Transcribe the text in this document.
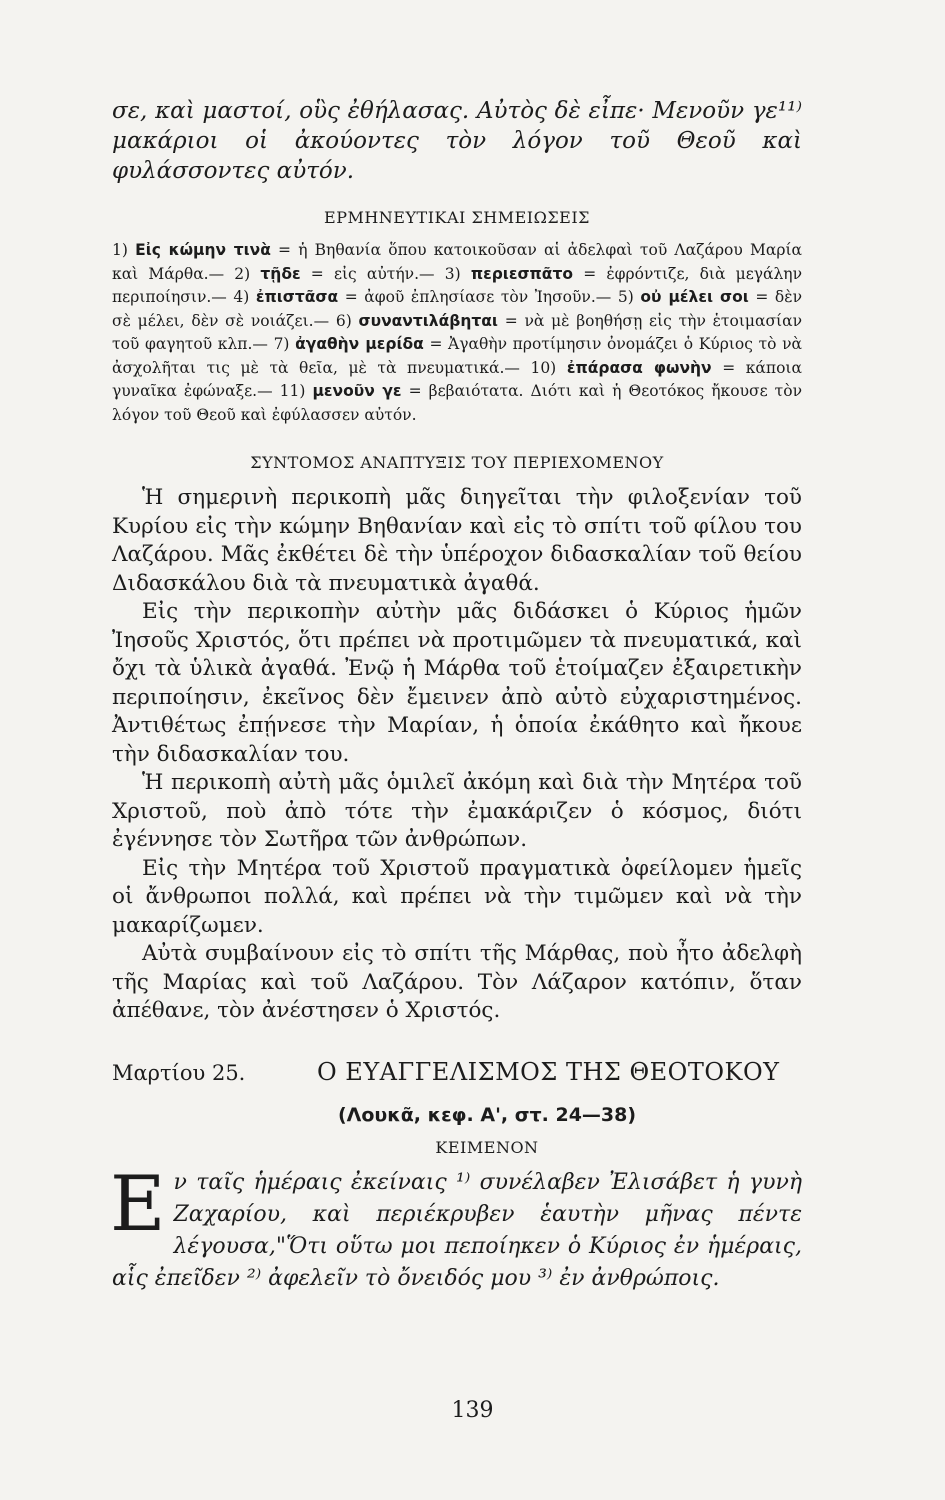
σε, καὶ μαστοί, οὓς ἐθήλασας. Αὐτὸς δὲ εἶπε· Μενοῦν γε¹¹⁾ μακάριοι οἱ ἀκούοντες τὸν λόγον τοῦ Θεοῦ καὶ φυλάσσοντες αὐτόν.

ΕΡΜΗΝΕΥΤΙΚΑΙ ΣΗΜΕΙΩΣΕΙΣ

1) Εἰς κώμην τινὰ = ἡ Βηθανία ὅπου κατοικοῦσαν αἱ ἀδελφαὶ τοῦ Λαζάρου Μαρία καὶ Μάρθα.— 2) τῇδε = εἰς αὐτήν.— 3) περιεσπᾶτο = ἐφρόντιζε, διὰ μεγάλην περιποίησιν.— 4) ἐπιστᾶσα = ἀφοῦ ἐπλησίασε τὸν Ἰησοῦν.— 5) οὐ μέλει σοι = δὲν σὲ μέλει, δὲν σὲ νοιάζει.— 6) συναντιλάβηται = νὰ μὲ βοηθήσῃ εἰς τὴν ἑτοιμασίαν τοῦ φαγητοῦ κλπ.— 7) ἀγαθὴν μερίδα = Ἀγαθὴν προτίμησιν ὀνομάζει ὁ Κύριος τὸ νὰ ἀσχολῆται τις μὲ τὰ θεῖα, μὲ τὰ πνευματικά.— 10) ἐπάρασα φωνὴν = κάποια γυναῖκα ἐφώναξε.— 11) μενοῦν γε = βεβαιότατα. Διότι καὶ ἡ Θεοτόκος ἤκουσε τὸν λόγον τοῦ Θεοῦ καὶ ἐφύλασσεν αὐτόν.

ΣΥΝΤΟΜΟΣ ΑΝΑΠΤΥΞΙΣ ΤΟΥ ΠΕΡΙΕΧΟΜΕΝΟΥ

Ἡ σημερινὴ περικοπὴ μᾶς διηγεῖται τὴν φιλοξενίαν τοῦ Κυρίου εἰς τὴν κώμην Βηθανίαν καὶ εἰς τὸ σπίτι τοῦ φίλου του Λαζάρου. Μᾶς ἐκθέτει δὲ τὴν ὑπέροχον διδασκαλίαν τοῦ θείου Διδασκάλου διὰ τὰ πνευματικὰ ἀγαθά.

Εἰς τὴν περικοπὴν αὐτὴν μᾶς διδάσκει ὁ Κύριος ἡμῶν Ἰησοῦς Χριστός, ὅτι πρέπει νὰ προτιμῶμεν τὰ πνευματικά, καὶ ὄχι τὰ ὑλικὰ ἀγαθά. Ἐνῷ ἡ Μάρθα τοῦ ἑτοίμαζεν ἐξαιρετικὴν περιποίησιν, ἐκεῖνος δὲν ἔμεινεν ἀπὸ αὐτὸ εὐχαριστημένος. Ἀντιθέτως ἐπῄνεσε τὴν Μαρίαν, ἡ ὁποία ἐκάθητο καὶ ἤκουε τὴν διδασκαλίαν του.

Ἡ περικοπὴ αὐτὴ μᾶς ὁμιλεῖ ἀκόμη καὶ διὰ τὴν Μητέρα τοῦ Χριστοῦ, ποὺ ἀπὸ τότε τὴν ἐμακάριζεν ὁ κόσμος, διότι ἐγέννησε τὸν Σωτῆρα τῶν ἀνθρώπων.

Εἰς τὴν Μητέρα τοῦ Χριστοῦ πραγματικὰ ὀφείλομεν ἡμεῖς οἱ ἄνθρωποι πολλά, καὶ πρέπει νὰ τὴν τιμῶμεν καὶ νὰ τὴν μακαρίζωμεν.

Αὐτὰ συμβαίνουν εἰς τὸ σπίτι τῆς Μάρθας, ποὺ ἦτο ἀδελφὴ τῆς Μαρίας καὶ τοῦ Λαζάρου. Τὸν Λάζαρον κατόπιν, ὅταν ἀπέθανε, τὸν ἀνέστησεν ὁ Χριστός.

Μαρτίου 25.	Ο ΕΥΑΓΓΕΛΙΣΜΟΣ ΤΗΣ ΘΕΟΤΟΚΟΥ
(Λουκᾶ, κεφ. Α', στ. 24—38)
ΚΕΙΜΕΝΟΝ
Ε ν ταῖς ἡμέραις ἐκείναις ¹⁾ συνέλαβεν Ἐλισάβετ ἡ γυνὴ Ζαχαρίου, καὶ περιέκρυβεν ἑαυτὴν μῆνας πέντε λέγουσα,"Ὅτι οὕτω μοι πεποίηκεν ὁ Κύριος ἐν ἡμέραις, αἷς ἐπεῖδεν ²⁾ ἀφελεῖν τὸ ὄνειδός μου ³⁾ ἐν ἀνθρώποις.

139
